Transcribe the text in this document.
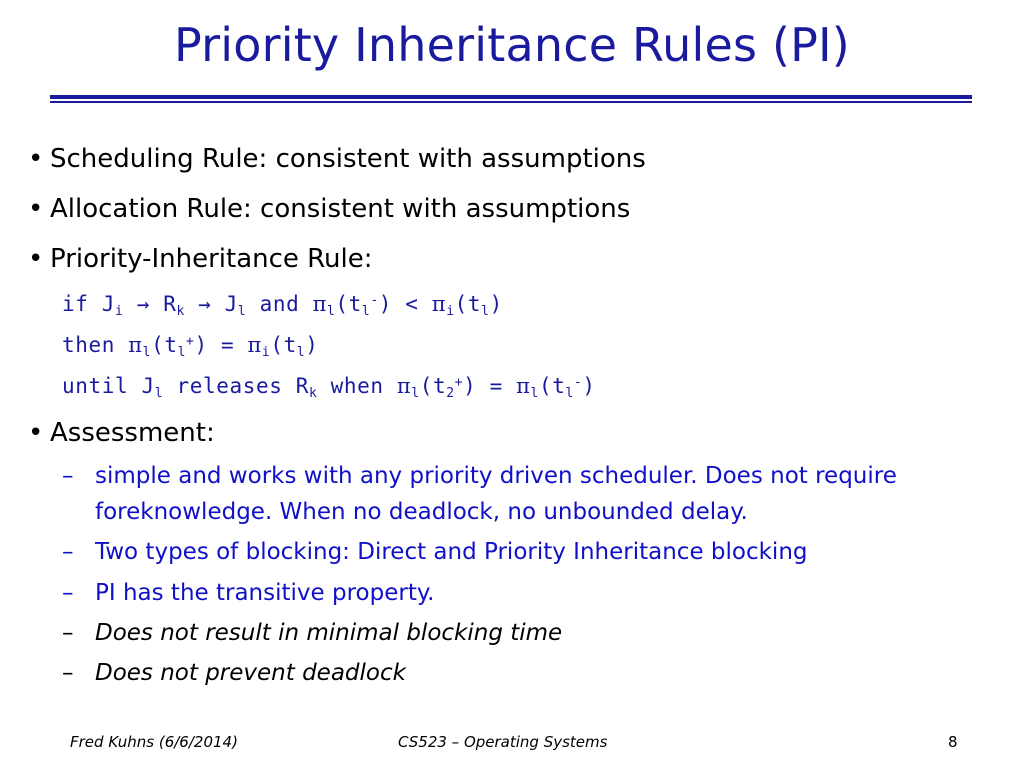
Priority Inheritance Rules (PI)
• Scheduling Rule: consistent with assumptions
• Allocation Rule: consistent with assumptions
• Priority-Inheritance Rule:
if $J_i \to R_k \to J_l$ and $\pi_l(t_l^-) < \pi_i(t_l)$
then $\pi_l(t_l^+) = \pi_i(t_l)$
until $J_l$ releases $R_k$ when $\pi_l(t_2^+) = \pi_l(t_l^-)$
• Assessment:
– simple and works with any priority driven scheduler. Does not require
foreknowledge. When no deadlock, no unbounded delay.
– Two types of blocking: Direct and Priority Inheritance blocking
– PI has the transitive property.
– Does not result in minimal blocking time
– Does not prevent deadlock
Fred Kuhns (6/6/2014)	CS523 – Operating Systems	8
